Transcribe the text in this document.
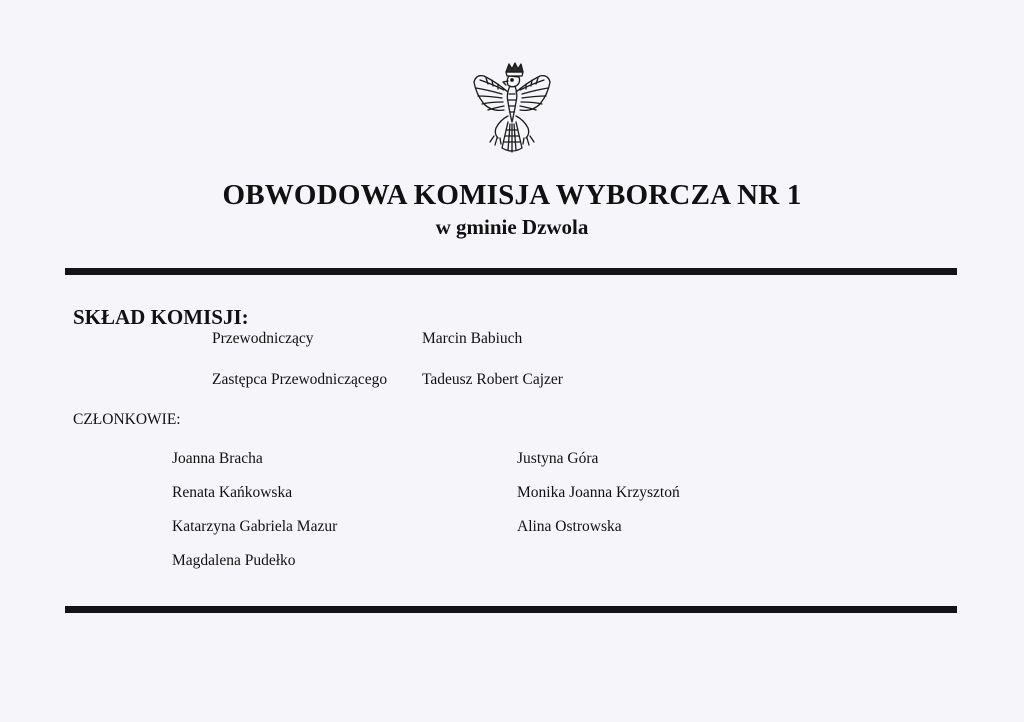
OBWODOWA KOMISJA WYBORCZA NR 1
w gminie Dzwola
SKŁAD KOMISJI:
Przewodniczący	Marcin Babiuch
Zastępca Przewodniczącego Tadeusz Robert Cajzer
CZŁONKOWIE:
Joanna Bracha
Renata Kańkowska
Katarzyna Gabriela Mazur
Magdalena Pudełko
Justyna Góra
Monika Joanna Krzysztoń
Alina Ostrowska
